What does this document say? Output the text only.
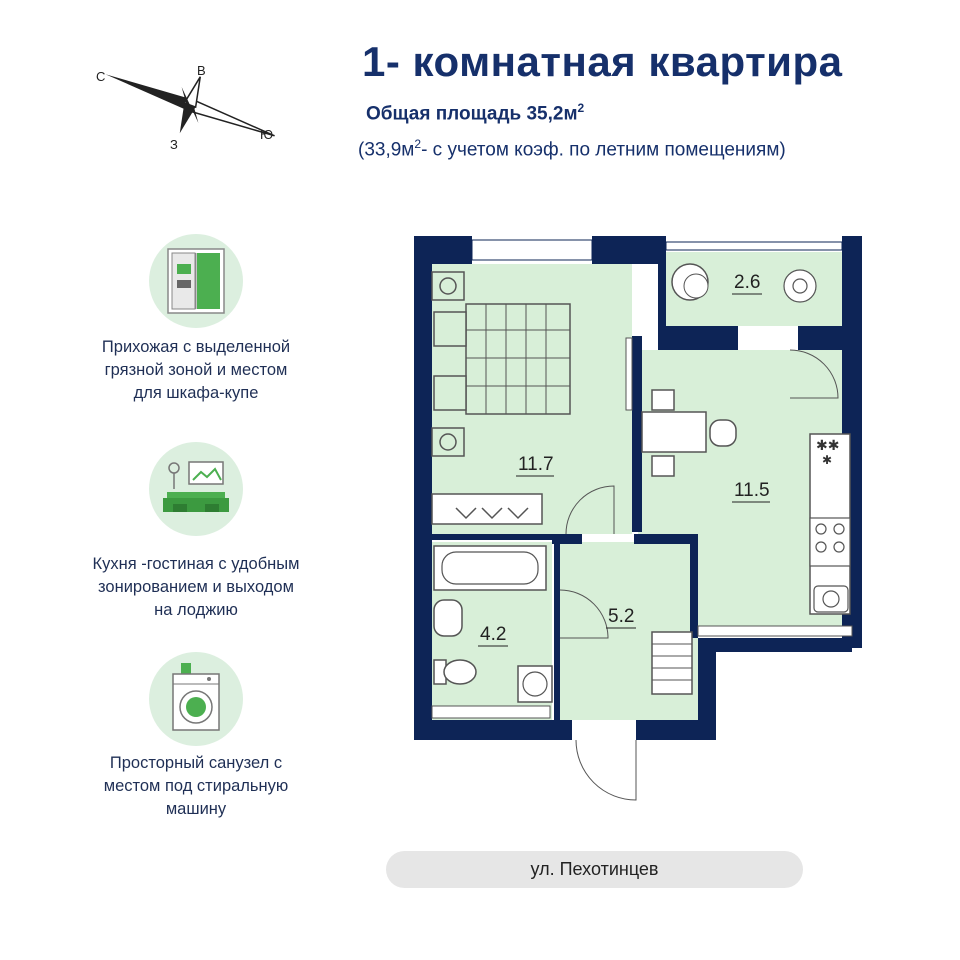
1- комнатная квартира
Общая площадь $35,2м^2$
($33,9м^2-$ с учетом коэф. по летним помещениям)
С	В
Ю
З
Прихожая с выделенной
грязной зоной и местом
для шкафа-купе
Кухня -гостиная с удобным
зонированием и выходом
на лоджию
Просторный санузел с
местом под стиральную
машину
✱✱
✱
11.7
11.5
2.6
4.2
5.2
ул. Пехотинцев
